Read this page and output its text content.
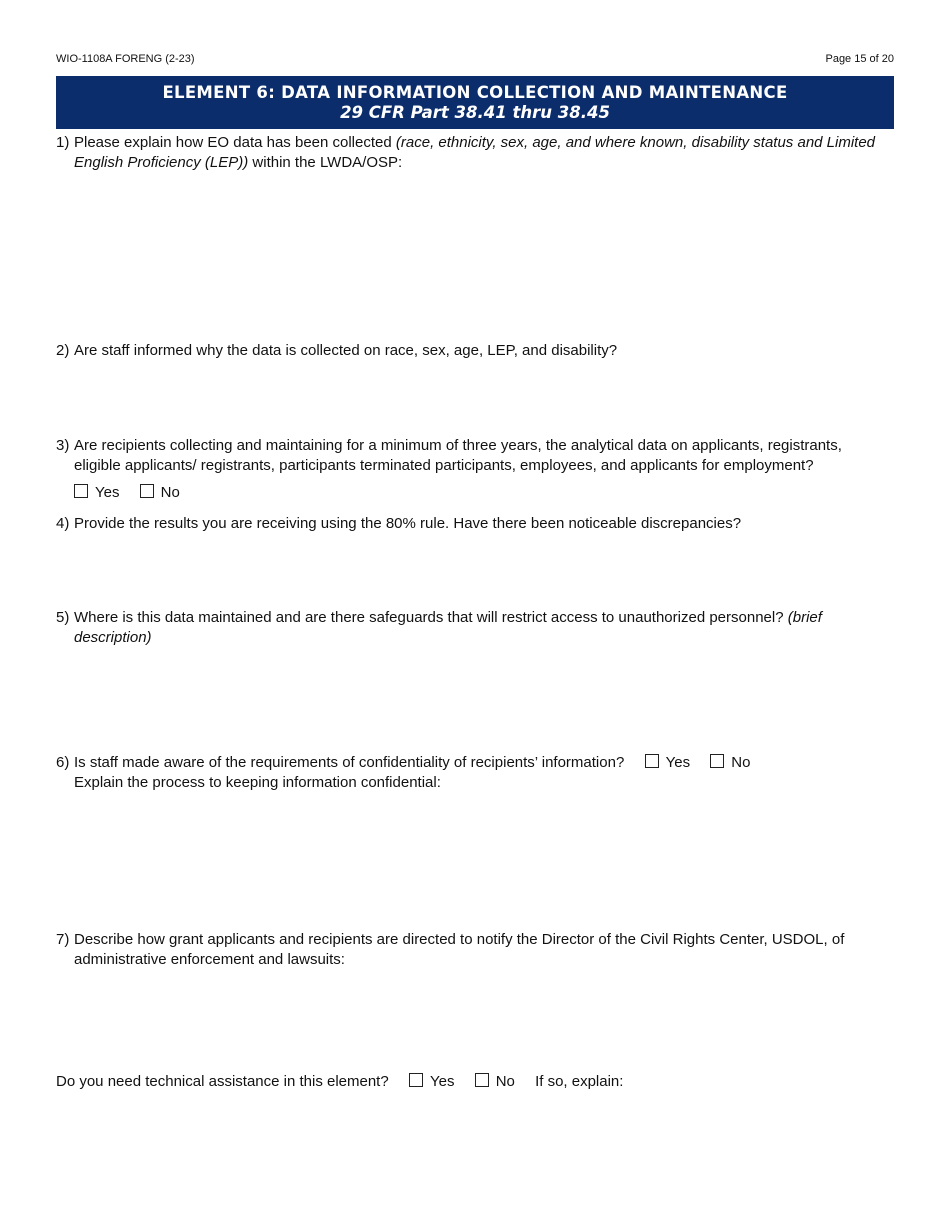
WIO-1108A FORENG (2-23)	Page 15 of 20
ELEMENT 6: DATA INFORMATION COLLECTION AND MAINTENANCE
29 CFR Part 38.41 thru 38.45
1) Please explain how EO data has been collected (race, ethnicity, sex, age, and where known, disability status and Limited English Proficiency (LEP)) within the LWDA/OSP:
2) Are staff informed why the data is collected on race, sex, age, LEP, and disability?
3) Are recipients collecting and maintaining for a minimum of three years, the analytical data on applicants, registrants, eligible applicants/ registrants, participants terminated participants, employees, and applicants for employment?
Yes	No
4) Provide the results you are receiving using the 80% rule. Have there been noticeable discrepancies?
5) Where is this data maintained and are there safeguards that will restrict access to unauthorized personnel? (brief description)
6) Is staff made aware of the requirements of confidentiality of recipients’ information?	Yes	No
Explain the process to keeping information confidential:
7) Describe how grant applicants and recipients are directed to notify the Director of the Civil Rights Center, USDOL, of administrative enforcement and lawsuits:
Do you need technical assistance in this element?	Yes	No If so, explain:
